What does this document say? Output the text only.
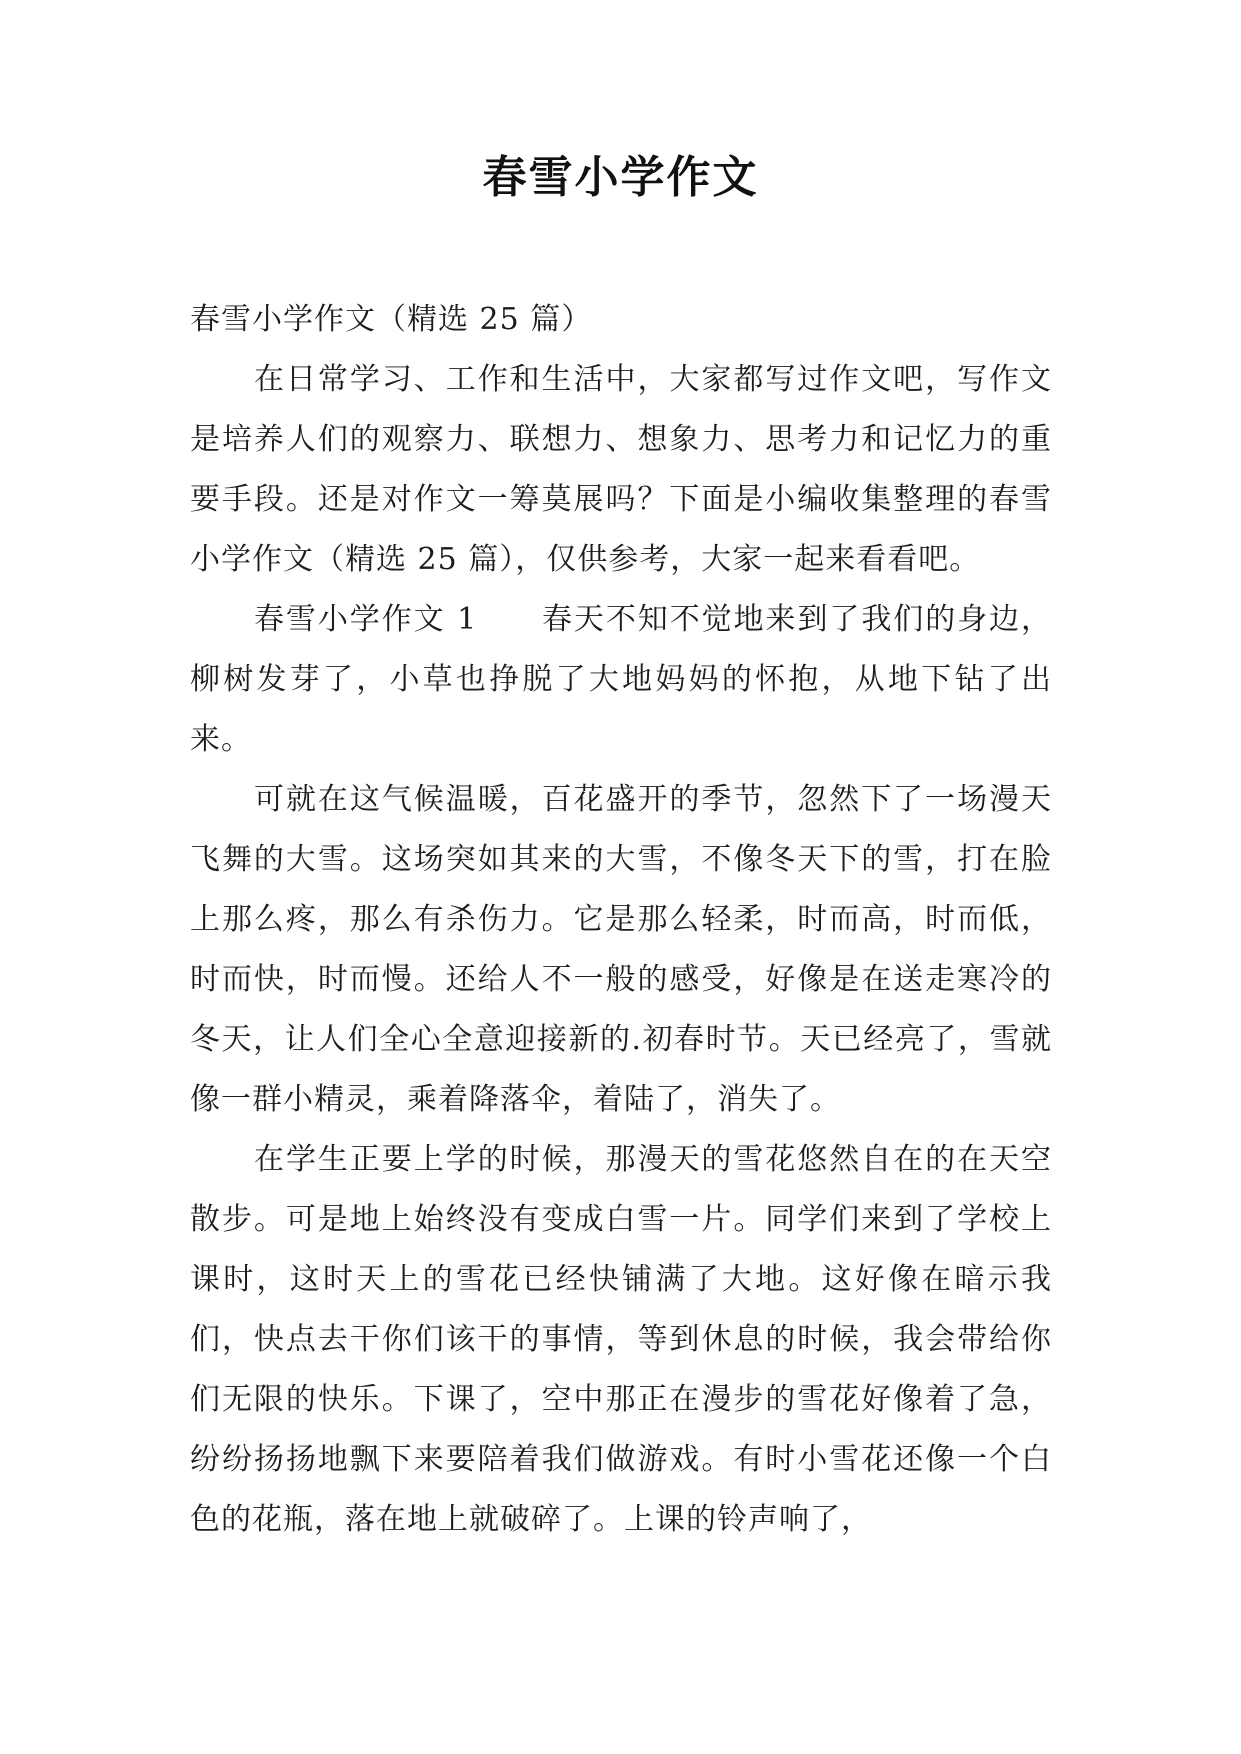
春雪小学作文

春雪小学作文（精选 25 篇）

在日常学习、工作和生活中，大家都写过作文吧，写作文是培养人们的观察力、联想力、想象力、思考力和记忆力的重要手段。还是对作文一筹莫展吗？下面是小编收集整理的春雪小学作文（精选 25 篇），仅供参考，大家一起来看看吧。

春雪小学作文 1　　春天不知不觉地来到了我们的身边，柳树发芽了，小草也挣脱了大地妈妈的怀抱，从地下钻了出来。

可就在这气候温暖，百花盛开的季节，忽然下了一场漫天飞舞的大雪。这场突如其来的大雪，不像冬天下的雪，打在脸上那么疼，那么有杀伤力。它是那么轻柔，时而高，时而低，时而快，时而慢。还给人不一般的感受，好像是在送走寒冷的冬天，让人们全心全意迎接新的.初春时节。天已经亮了，雪就像一群小精灵，乘着降落伞，着陆了，消失了。

在学生正要上学的时候，那漫天的雪花悠然自在的在天空散步。可是地上始终没有变成白雪一片。同学们来到了学校上课时，这时天上的雪花已经快铺满了大地。这好像在暗示我们，快点去干你们该干的事情，等到休息的时候，我会带给你们无限的快乐。下课了，空中那正在漫步的雪花好像着了急，纷纷扬扬地飘下来要陪着我们做游戏。有时小雪花还像一个白色的花瓶，落在地上就破碎了。上课的铃声响了，
